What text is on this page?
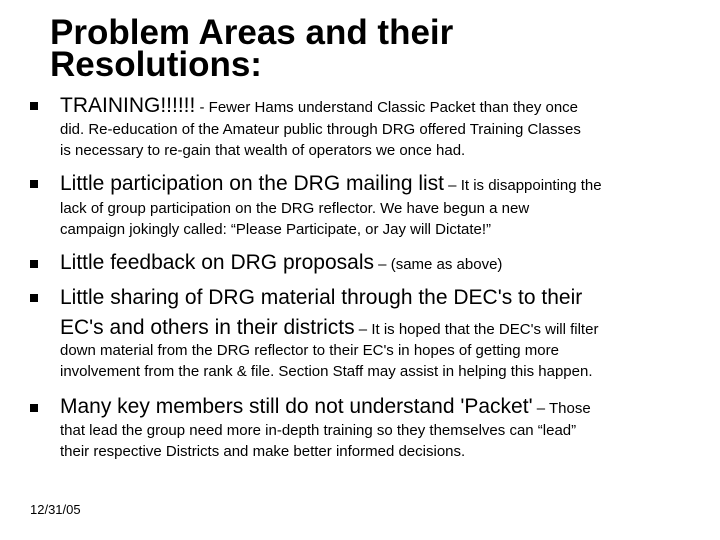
Problem Areas and their
Resolutions:
TRAINING!!!!!! - Fewer Hams understand Classic Packet than they once
did. Re-education of the Amateur public through DRG offered Training Classes
is necessary to re-gain that wealth of operators we once had.
Little participation on the DRG mailing list – It is disappointing the
lack of group participation on the DRG reflector. We have begun a new
campaign jokingly called: “Please Participate, or Jay will Dictate!”
Little feedback on DRG proposals – (same as above)
Little sharing of DRG material through the DEC's to their
EC's and others in their districts – It is hoped that the DEC's will filter
down material from the DRG reflector to their EC's in hopes of getting more
involvement from the rank & file. Section Staff may assist in helping this happen.
Many key members still do not understand 'Packet' – Those
that lead the group need more in-depth training so they themselves can “lead”
their respective Districts and make better informed decisions.
12/31/05
